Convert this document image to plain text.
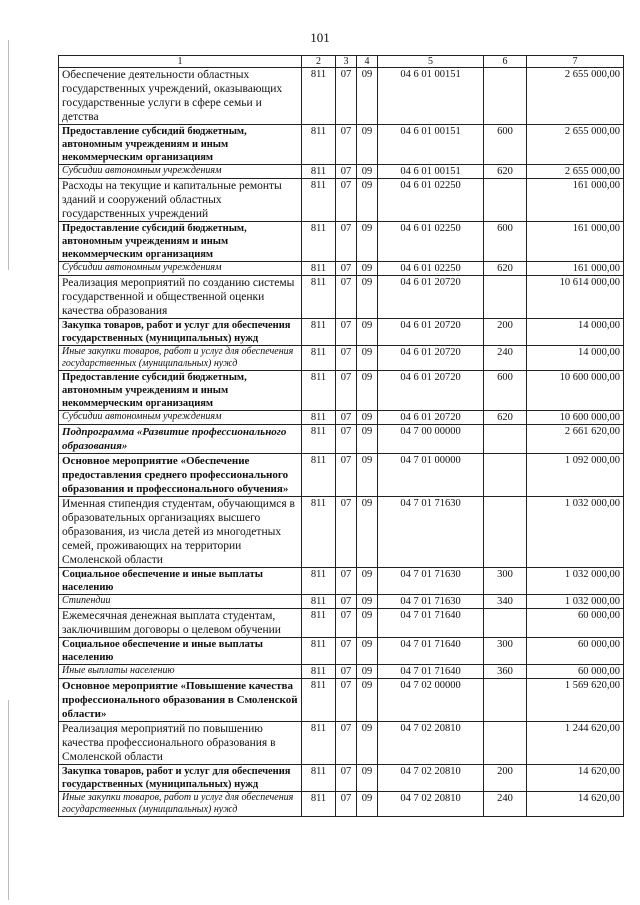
101
1	2	3	4	5	6	7
Обеспечение деятельности областных государственных учреждений, оказывающих государственные услуги в сфере семьи и детства	811	07	09	04 6 01 00151		2 655 000,00
Предоставление субсидий бюджетным, автономным учреждениям и иным некоммерческим организациям	811	07	09	04 6 01 00151	600	2 655 000,00
Субсидии автономным учреждениям	811	07	09	04 6 01 00151	620	2 655 000,00
Расходы на текущие и капитальные ремонты зданий и сооружений областных государственных учреждений	811	07	09	04 6 01 02250		161 000,00
Предоставление субсидий бюджетным, автономным учреждениям и иным некоммерческим организациям	811	07	09	04 6 01 02250	600	161 000,00
Субсидии автономным учреждениям	811	07	09	04 6 01 02250	620	161 000,00
Реализация мероприятий по созданию системы государственной и общественной оценки качества образования	811	07	09	04 6 01 20720		10 614 000,00
Закупка товаров, работ и услуг для обеспечения государственных (муниципальных) нужд	811	07	09	04 6 01 20720	200	14 000,00
Иные закупки товаров, работ и услуг для обеспечения государственных (муниципальных) нужд	811	07	09	04 6 01 20720	240	14 000,00
Предоставление субсидий бюджетным, автономным учреждениям и иным некоммерческим организациям	811	07	09	04 6 01 20720	600	10 600 000,00
Субсидии автономным учреждениям	811	07	09	04 6 01 20720	620	10 600 000,00
Подпрограмма «Развитие профессионального образования»	811	07	09	04 7 00 00000		2 661 620,00
Основное мероприятие «Обеспечение предоставления среднего профессионального образования и профессионального обучения»	811	07	09	04 7 01 00000		1 092 000,00
Именная стипендия студентам, обучающимся в образовательных организациях высшего образования, из числа детей из многодетных семей, проживающих на территории Смоленской области	811	07	09	04 7 01 71630		1 032 000,00
Социальное обеспечение и иные выплаты населению	811	07	09	04 7 01 71630	300	1 032 000,00
Стипендии	811	07	09	04 7 01 71630	340	1 032 000,00
Ежемесячная денежная выплата студентам, заключившим договоры о целевом обучении	811	07	09	04 7 01 71640		60 000,00
Социальное обеспечение и иные выплаты населению	811	07	09	04 7 01 71640	300	60 000,00
Иные выплаты населению	811	07	09	04 7 01 71640	360	60 000,00
Основное мероприятие «Повышение качества профессионального образования в Смоленской области»	811	07	09	04 7 02 00000		1 569 620,00
Реализация мероприятий по повышению качества профессионального образования в Смоленской области	811	07	09	04 7 02 20810		1 244 620,00
Закупка товаров, работ и услуг для обеспечения государственных (муниципальных) нужд	811	07	09	04 7 02 20810	200	14 620,00
Иные закупки товаров, работ и услуг для обеспечения государственных (муниципальных) нужд	811	07	09	04 7 02 20810	240	14 620,00
